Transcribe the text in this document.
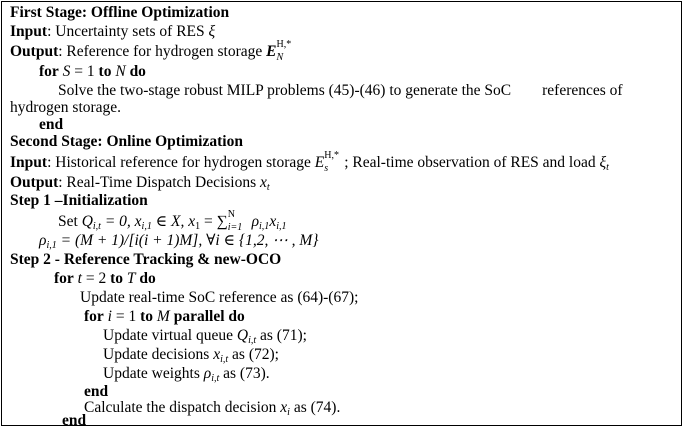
First Stage: Offline Optimization
Input: Uncertainty sets of RES ξ
Output: Reference for hydrogen storage E H,*
N
for S = 1 to N do
Solve the two-stage robust MILP problems (45)-(46) to generate the SoC        references of
hydrogen storage.
end
Second Stage: Online Optimization
Input: Historical reference for hydrogen storage E H,*
s ; Real-time observation of RES and load $\xi_t$
Output: Real-Time Dispatch Decisions $x_t$
Step 1 –Initialization
Set $Q_{i,t} = 0$, $x_{i,1}$ ∈ X, $x_1$ = ∑ N
i=1 $\rho_{i,1}x_{i,1}$
$\rho_{i,1} = (M + 1)/[i(i + 1)M]$, ∀i ∈ {1,2, ⋯ , M}
Step 2 - Reference Tracking & new-OCO
for t = 2 to T do
Update real-time SoC reference as (64)-(67);
for i = 1 to M parallel do
Update virtual queue $Q_{i,t}$ as (71);
Update decisions $x_{i,t}$ as (72);
Update weights $\rho_{i,t}$ as (73).
end
Calculate the dispatch decision $x_i$ as (74).
end
